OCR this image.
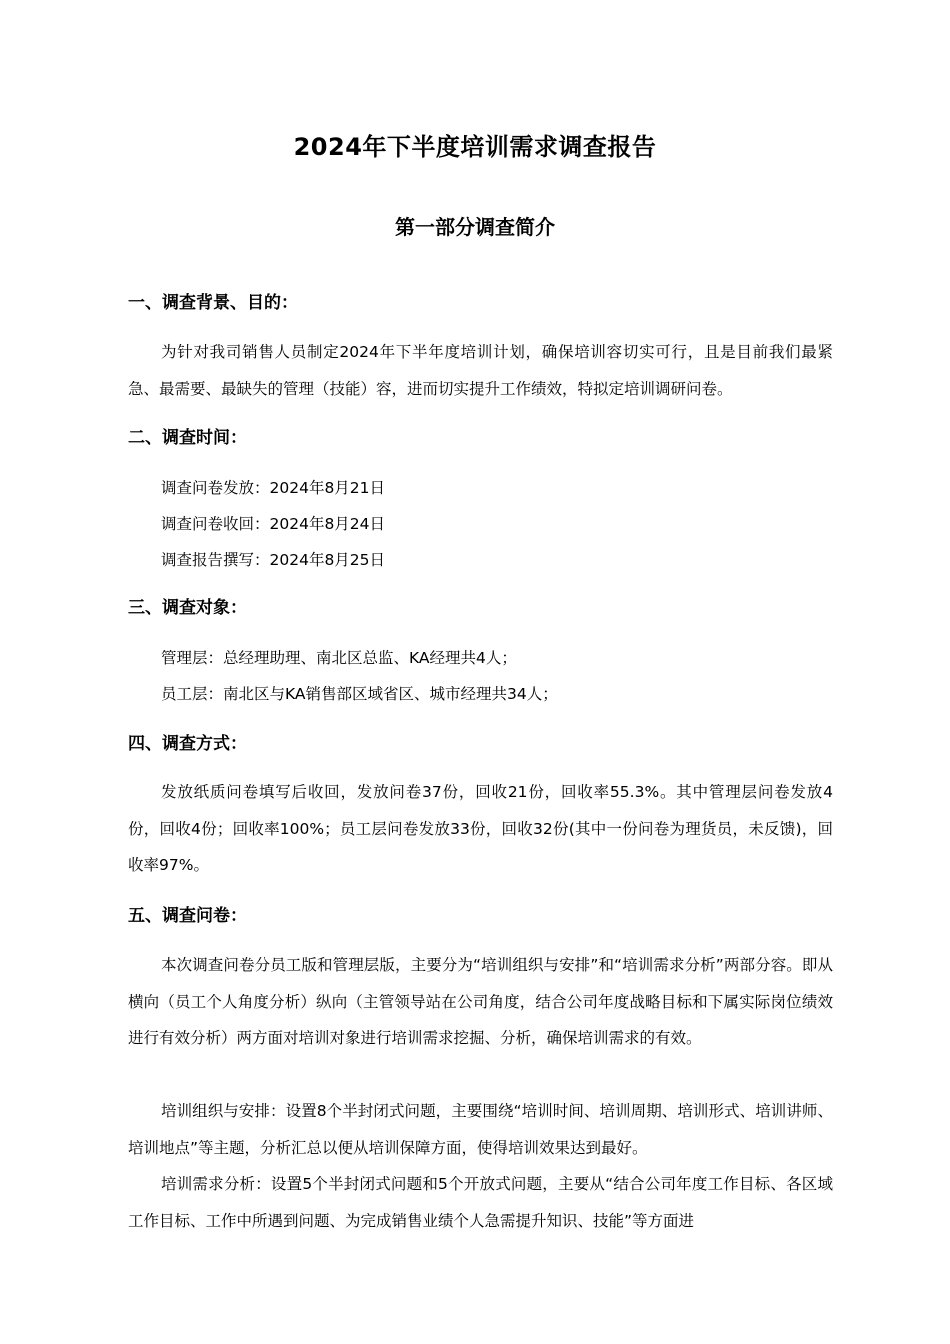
2024年下半度培训需求调查报告
第一部分调查简介
一、调查背景、目的：
为针对我司销售人员制定2024年下半年度培训计划，确保培训容切实可行，且是目前我们最紧急、最需要、最缺失的管理（技能）容，进而切实提升工作绩效，特拟定培训调研问卷。
二、调查时间：
调查问卷发放：2024年8月21日
调查问卷收回：2024年8月24日
调查报告撰写：2024年8月25日
三、调查对象：
管理层：总经理助理、南北区总监、KA经理共4人；
员工层：南北区与KA销售部区域省区、城市经理共34人；
四、调查方式：
发放纸质问卷填写后收回，发放问卷37份，回收21份，回收率55.3%。其中管理层问卷发放4份，回收4份；回收率100%；员工层问卷发放33份，回收32份(其中一份问卷为理货员，未反馈)，回收率97%。
五、调查问卷：
本次调查问卷分员工版和管理层版，主要分为“培训组织与安排”和“培训需求分析”两部分容。即从横向（员工个人角度分析）纵向（主管领导站在公司角度，结合公司年度战略目标和下属实际岗位绩效进行有效分析）两方面对培训对象进行培训需求挖掘、分析，确保培训需求的有效。
培训组织与安排：设置8个半封闭式问题，主要围绕“培训时间、培训周期、培训形式、培训讲师、培训地点”等主题，分析汇总以便从培训保障方面，使得培训效果达到最好。
培训需求分析：设置5个半封闭式问题和5个开放式问题，主要从“结合公司年度工作目标、各区域工作目标、工作中所遇到问题、为完成销售业绩个人急需提升知识、技能”等方面进
